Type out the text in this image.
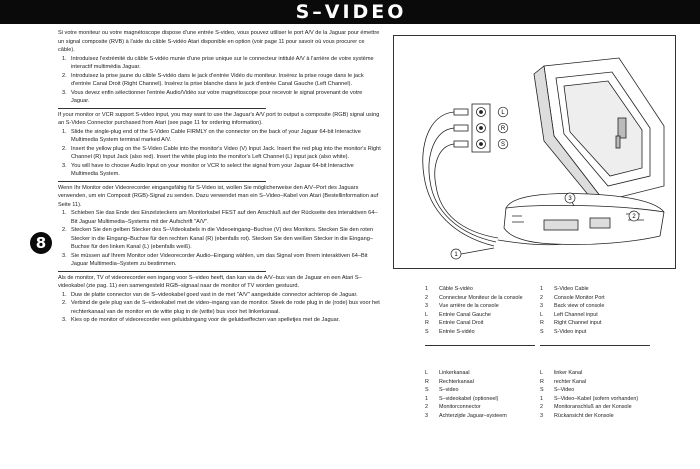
S–VIDEO
8

Si votre moniteur ou votre magnétoscope dispose d'une entrée S-video, vous pouvez utiliser le port A/V de la Jaguar pour émettre un signal composite (RVB) à l'aide du câble S-vidéo Atari disponible en option (voir page 11 pour savoir où vous procurer ce câble).

1. Introduisez l'extrémité du câble S-vidéo munie d'une prise unique sur le connecteur intitulé A/V à l'arrière de votre système interactif multimédia Jaguar.
2. Introduisez la prise jaune du câble S-vidéo dans le jack d'entrée Vidéo du moniteur. Insérez la prise rouge dans le jack d'entrée Canal Droit (Right Channel). Insérez la prise blanche dans le jack d'entrée Canal Gauche (Left Channel).
3. Vous devez enfin sélectionner l'entrée Audio/Vidéo sur votre magnétoscope pour recevoir le signal provenant de votre Jaguar.

If your monitor or VCR support S-video input, you may want to use the Jaguar's A/V port to output a composite (RGB) signal using an S-Video Connector purchased from Atari (see page 11 for ordering information).

1. Slide the single-plug end of the S-Video Cable FIRMLY on the connector on the back of your Jaguar 64-bit Interactive Multimedia System terminal marked A/V.
2. Insert the yellow plug on the S-Video Cable into the monitor's Video (V) Input Jack. Insert the red plug into the monitor's Right Channel (R) Input Jack (also red). Insert the white plug into the monitor's Left Channel (L) input jack (also white).
3. You will have to choose Audio Input on your monitor or VCR to select the signal from your Jaguar 64-bit Interactive Multimedia System.

Wenn Ihr Monitor oder Videorecorder eingangsfähig für S-Video ist, wollen Sie möglicherweise den A/V–Port des Jaguars verwenden, um ein Composit (RGB)-Signal zu senden. Dazu verwendet man ein S–Video–Kabel von Atari (Bestellinformation auf Seite 11).

1. Schieben Sie das Ende des Einzelsteckers am Monitorkabel FEST auf den Anschluß auf der Rückseite des interaktiven 64–Bit Jaguar Multimedia–Systems mit der Aufschrift "A/V".
2. Stecken Sie den gelben Stecker des S–Videokabels in die Videoeingang–Buchse (V) des Monitors. Stecken Sie den roten Stecker in die Eingang–Buchse für den rechten Kanal (R) (ebenfalls rot). Stecken Sie den weißen Stecker in die Eingang–Buchse für den linken Kanal (L) (ebenfalls weiß).
3. Sie müssen auf Ihrem Monitor oder Videorecorder Audio–Eingang wählen, um das Signal vom Ihrem interaktiven 64–Bit Jaguar Multimedia–System zu bestimmen.

Als de monitor, TV of videorecorder een ingang voor S–video heeft, dan kan via de A/V–bus van de Jaguar en een Atari S–videokabel (zie pag. 11) een samengesteld RGB–signaal naar de monitor of TV worden gestuurd.

1. Duw de platte connector van de S–videokabel goed vast in de met "A/V" aangeduide connector achterop de Jaguar.
2. Verbind de gele plug van de S–videokabel met de video–ingang van de monitor. Steek de rode plug in de (rode) bus voor het rechterkanaal van de monitor en de witte plug in de (witte) bus voor het linkerkanaal.
3. Kies op de monitor of videorecorder een geluidsingang voor de geluidseffecten van spelletjes met de Jaguar.
L
R
S
3
2
1
1 Câble S-vidéo
2 Connecteur Moniteur de la console
3 Vue arrière de la console
L Entrée Canal Gauche
R Entrée Canal Droit
S Entrée S-vidéo
1 S-Video Cable
2 Console Monitor Port
3 Back view of console
L Left Channel input
R Right Channel input
S S-Video input
L Linkerkanaal
R Rechterkanaal
S S–video
1 S–videokabel (optioneel)
2 Monitorconnector
3 Achterzijde Jaguar–systeem
L linker Kanal
R rechter Kanal
S S–Video
1 S–Video–Kabel (sofern vorhanden)
2 Monitoranschluß an der Konsole
3 Rückansicht der Konsole
